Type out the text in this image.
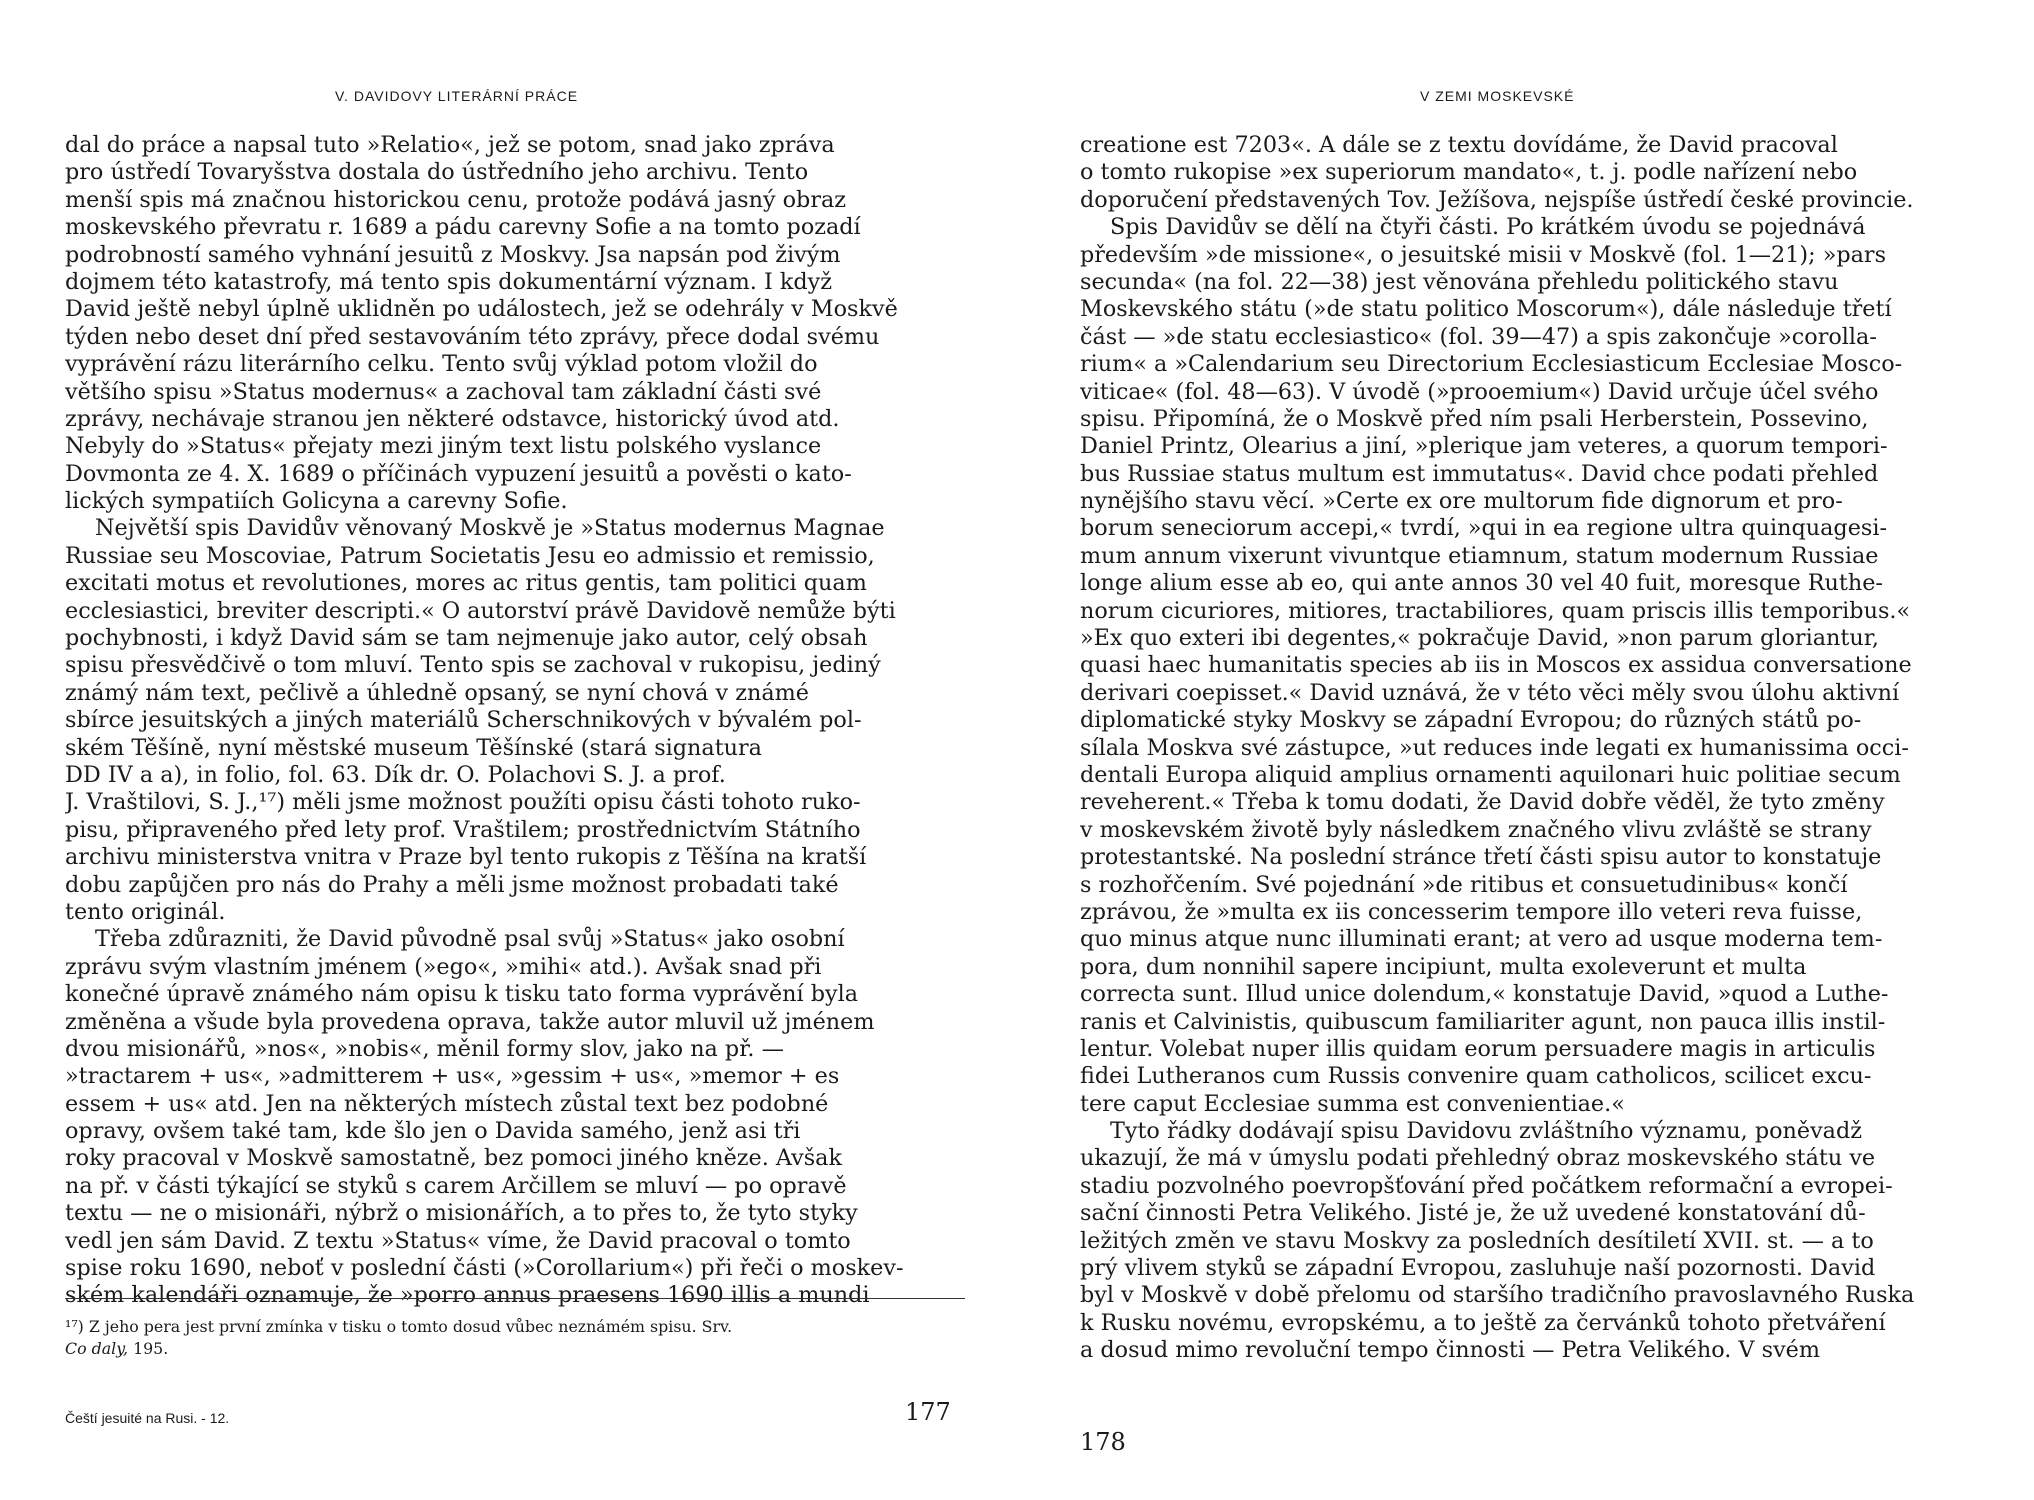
V. DAVIDOVY LITERÁRNÍ PRÁCE
dal do práce a napsal tuto »Relatio«, jež se potom, snad jako zpráva
pro ústředí Tovaryšstva dostala do ústředního jeho archivu. Tento
menší spis má značnou historickou cenu, protože podává jasný obraz
moskevského převratu r. 1689 a pádu carevny Sofie a na tomto pozadí
podrobností samého vyhnání jesuitů z Moskvy. Jsa napsán pod živým
dojmem této katastrofy, má tento spis dokumentární význam. I když
David ještě nebyl úplně uklidněn po událostech, jež se odehrály v Moskvě
týden nebo deset dní před sestavováním této zprávy, přece dodal svému
vyprávění rázu literárního celku. Tento svůj výklad potom vložil do
většího spisu »Status modernus« a zachoval tam základní části své
zprávy, nechávaje stranou jen některé odstavce, historický úvod atd.
Nebyly do »Status« přejaty mezi jiným text listu polského vyslance
Dovmonta ze 4. X. 1689 o příčinách vypuzení jesuitů a pověsti o kato-
lických sympatiích Golicyna a carevny Sofie.
Největší spis Davidův věnovaný Moskvě je »Status modernus Magnae
Russiae seu Moscoviae, Patrum Societatis Jesu eo admissio et remissio,
excitati motus et revolutiones, mores ac ritus gentis, tam politici quam
ecclesiastici, breviter descripti.« O autorství právě Davidově nemůže býti
pochybnosti, i když David sám se tam nejmenuje jako autor, celý obsah
spisu přesvědčivě o tom mluví. Tento spis se zachoval v rukopisu, jediný
známý nám text, pečlivě a úhledně opsaný, se nyní chová v známé
sbírce jesuitských a jiných materiálů Scherschnikových v bývalém pol-
ském Těšíně, nyní městské museum Těšínské (stará signatura
DD IV a a), in folio, fol. 63. Dík dr. O. Polachovi S. J. a prof.
J. Vraštilovi, S. J.,¹⁷) měli jsme možnost použíti opisu části tohoto ruko-
pisu, připraveného před lety prof. Vraštilem; prostřednictvím Státního
archivu ministerstva vnitra v Praze byl tento rukopis z Těšína na kratší
dobu zapůjčen pro nás do Prahy a měli jsme možnost probadati také
tento originál.
Třeba zdůrazniti, že David původně psal svůj »Status« jako osobní
zprávu svým vlastním jménem (»ego«, »mihi« atd.). Avšak snad při
konečné úpravě známého nám opisu k tisku tato forma vyprávění byla
změněna a všude byla provedena oprava, takže autor mluvil už jménem
dvou misionářů, »nos«, »nobis«, měnil formy slov, jako na př. —
»tractarem + us«, »admitterem + us«, »gessim + us«, »memor + es
essem + us« atd. Jen na některých místech zůstal text bez podobné
opravy, ovšem také tam, kde šlo jen o Davida samého, jenž asi tři
roky pracoval v Moskvě samostatně, bez pomoci jiného kněze. Avšak
na př. v části týkající se styků s carem Arčillem se mluví — po opravě
textu — ne o misionáři, nýbrž o misionářích, a to přes to, že tyto styky
vedl jen sám David. Z textu »Status« víme, že David pracoval o tomto
spise roku 1690, neboť v poslední části (»Corollarium«) při řeči o moskev-
ském kalendáři oznamuje, že »porro annus praesens 1690 illis a mundi
¹⁷) Z jeho pera jest první zmínka v tisku o tomto dosud vůbec neznámém spisu. Srv.
Co daly, 195.
Čeští jesuité na Rusi. - 12.	177
V ZEMI MOSKEVSKÉ
creatione est 7203«. A dále se z textu dovídáme, že David pracoval
o tomto rukopise »ex superiorum mandato«, t. j. podle nařízení nebo
doporučení představených Tov. Ježíšova, nejspíše ústředí české provincie.
Spis Davidův se dělí na čtyři části. Po krátkém úvodu se pojednává
především »de missione«, o jesuitské misii v Moskvě (fol. 1—21); »pars
secunda« (na fol. 22—38) jest věnována přehledu politického stavu
Moskevského státu (»de statu politico Moscorum«), dále následuje třetí
část — »de statu ecclesiastico« (fol. 39—47) a spis zakončuje »corolla-
rium« a »Calendarium seu Directorium Ecclesiasticum Ecclesiae Mosco-
viticae« (fol. 48—63). V úvodě (»prooemium«) David určuje účel svého
spisu. Připomíná, že o Moskvě před ním psali Herberstein, Possevino,
Daniel Printz, Olearius a jiní, »plerique jam veteres, a quorum tempori-
bus Russiae status multum est immutatus«. David chce podati přehled
nynějšího stavu věcí. »Certe ex ore multorum fide dignorum et pro-
borum seneciorum accepi,« tvrdí, »qui in ea regione ultra quinquagesi-
mum annum vixerunt vivuntque etiamnum, statum modernum Russiae
longe alium esse ab eo, qui ante annos 30 vel 40 fuit, moresque Ruthe-
norum cicuriores, mitiores, tractabiliores, quam priscis illis temporibus.«
»Ex quo exteri ibi degentes,« pokračuje David, »non parum gloriantur,
quasi haec humanitatis species ab iis in Moscos ex assidua conversatione
derivari coepisset.« David uznává, že v této věci měly svou úlohu aktivní
diplomatické styky Moskvy se západní Evropou; do různých států po-
sílala Moskva své zástupce, »ut reduces inde legati ex humanissima occi-
dentali Europa aliquid amplius ornamenti aquilonari huic politiae secum
reveherent.« Třeba k tomu dodati, že David dobře věděl, že tyto změny
v moskevském životě byly následkem značného vlivu zvláště se strany
protestantské. Na poslední stránce třetí části spisu autor to konstatuje
s rozhořčením. Své pojednání »de ritibus et consuetudinibus« končí
zprávou, že »multa ex iis concesserim tempore illo veteri reva fuisse,
quo minus atque nunc illuminati erant; at vero ad usque moderna tem-
pora, dum nonnihil sapere incipiunt, multa exoleverunt et multa
correcta sunt. Illud unice dolendum,« konstatuje David, »quod a Luthe-
ranis et Calvinistis, quibuscum familiariter agunt, non pauca illis instil-
lentur. Volebat nuper illis quidam eorum persuadere magis in articulis
fidei Lutheranos cum Russis convenire quam catholicos, scilicet excu-
tere caput Ecclesiae summa est convenientiae.«
Tyto řádky dodávají spisu Davidovu zvláštního významu, poněvadž
ukazují, že má v úmyslu podati přehledný obraz moskevského státu ve
stadiu pozvolného poevropšťování před počátkem reformační a evropei-
sační činnosti Petra Velikého. Jisté je, že už uvedené konstatování dů-
ležitých změn ve stavu Moskvy za posledních desítiletí XVII. st. — a to
prý vlivem styků se západní Evropou, zasluhuje naší pozornosti. David
byl v Moskvě v době přelomu od staršího tradičního pravoslavného Ruska
k Rusku novému, evropskému, a to ještě za červánků tohoto přetváření
a dosud mimo revoluční tempo činnosti — Petra Velikého. V svém
178
